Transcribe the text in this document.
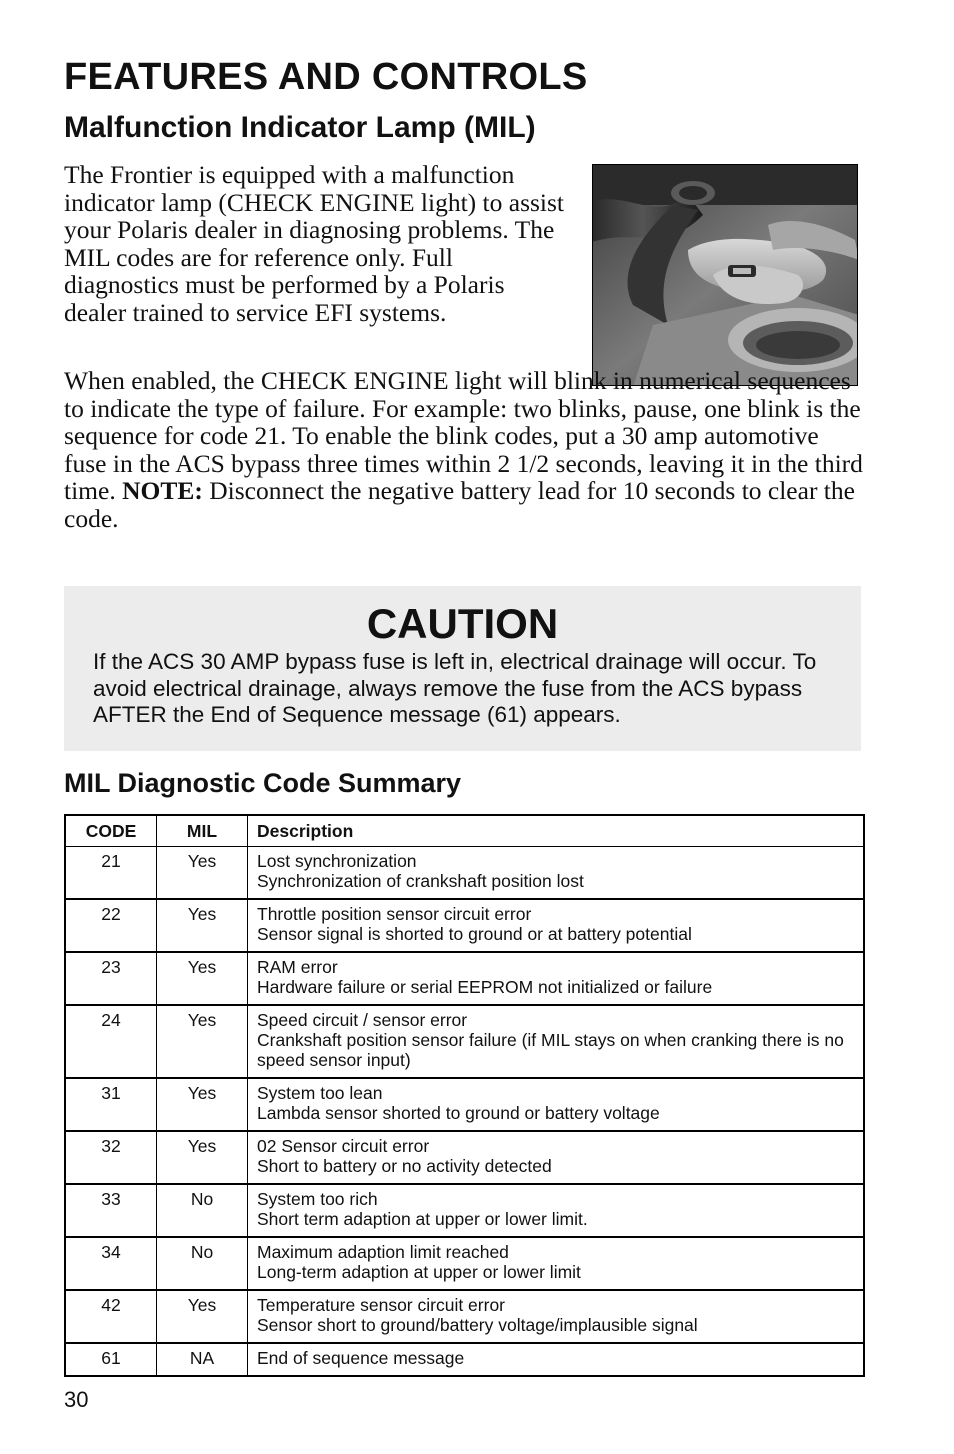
FEATURES AND CONTROLS
Malfunction Indicator Lamp (MIL)

The Frontier is equipped with a malfunction indicator lamp (CHECK ENGINE light) to assist your Polaris dealer in diagnosing problems. The MIL codes are for reference only. Full diagnostics must be performed by a Polaris dealer trained to service EFI systems.

When enabled, the CHECK ENGINE light will blink in numerical sequences to indicate the type of failure. For example: two blinks, pause, one blink is the sequence for code 21. To enable the blink codes, put a 30 amp automotive fuse in the ACS bypass three times within 2 1/2 seconds, leaving it in the third time. NOTE: Disconnect the negative battery lead for 10 seconds to clear the code.

CAUTION

If the ACS 30 AMP bypass fuse is left in, electrical drainage will occur. To avoid electrical drainage, always remove the fuse from the ACS bypass AFTER the End of Sequence message (61) appears.

MIL Diagnostic Code Summary
CODE	MIL	Description
21	Yes	Lost synchronization
Synchronization of crankshaft position lost

22	Yes	Throttle position sensor circuit error
Sensor signal is shorted to ground or at battery potential

23	Yes	RAM error
Hardware failure or serial EEPROM not initialized or failure

24	Yes	Speed circuit / sensor error
Crankshaft position sensor failure (if MIL stays on when cranking there is no speed sensor input)

31	Yes	System too lean
Lambda sensor shorted to ground or battery voltage

32	Yes	02 Sensor circuit error
Short to battery or no activity detected

33	No	System too rich
Short term adaption at upper or lower limit.

34	No	Maximum adaption limit reached
Long-term adaption at upper or lower limit

42	Yes	Temperature sensor circuit error
Sensor short to ground/battery voltage/implausible signal

61	NA	End of sequence message

30
